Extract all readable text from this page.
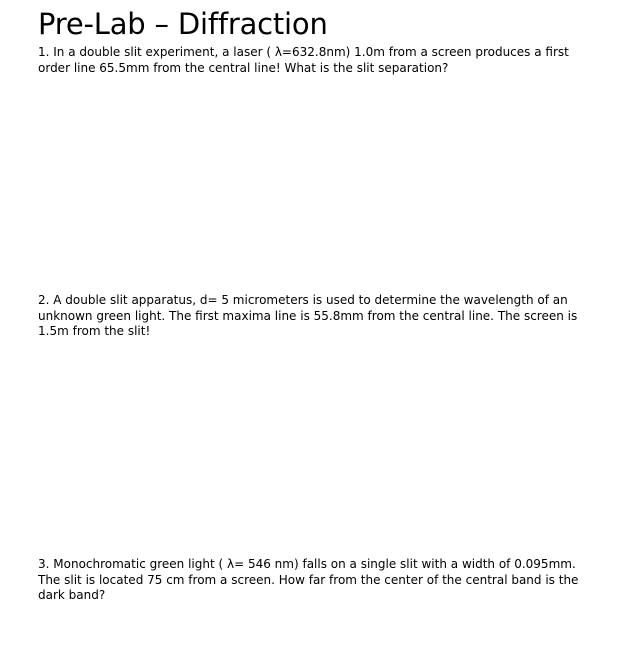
Pre-Lab – Diffraction

1. In a double slit experiment, a laser ( λ=632.8nm) 1.0m from a screen produces a first order line 65.5mm from the central line! What is the slit separation?

2. A double slit apparatus, d= 5 micrometers is used to determine the wavelength of an unknown green light. The first maxima line is 55.8mm from the central line. The screen is 1.5m from the slit!

3. Monochromatic green light ( λ= 546 nm) falls on a single slit with a width of 0.095mm. The slit is located 75 cm from a screen. How far from the center of the central band is the dark band?
